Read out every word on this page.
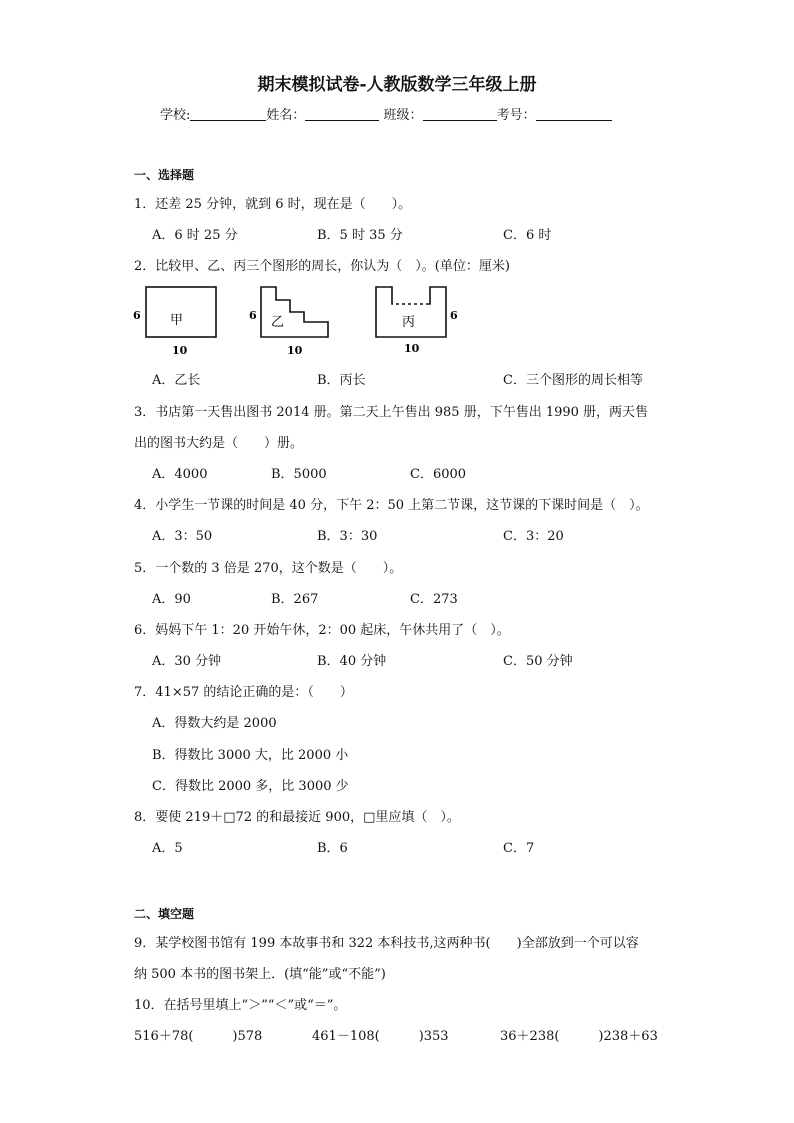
期末模拟试卷-人教版数学三年级上册
学校:	姓名：	班级：	考号：
一、选择题
1．还差 25 分钟，就到 6 时，现在是（　　）。
A．6 时 25 分	B．5 时 35 分	C．6 时
2．比较甲、乙、丙三个图形的周长，你认为（　）。(单位：厘米)
甲
6
10
乙
6
10
丙	6
10
A．乙长	B．丙长	C．三个图形的周长相等
3．书店第一天售出图书 2014 册。第二天上午售出 985 册，下午售出 1990 册，两天售
出的图书大约是（　　）册。
A．4000	B．5000	C．6000
4．小学生一节课的时间是 40 分，下午 2：50 上第二节课，这节课的下课时间是（　）。
A．3：50	B．3：30	C．3：20
5．一个数的 3 倍是 270，这个数是（　　）。
A．90	B．267	C．273
6．妈妈下午 1：20 开始午休，2：00 起床，午休共用了（　）。
A．30 分钟	B．40 分钟	C．50 分钟
7．41×57 的结论正确的是：（　　）
A．得数大约是 2000
B．得数比 3000 大，比 2000 小
C．得数比 2000 多，比 3000 少
8．要使 219＋□72 的和最接近 900，□里应填（　）。
A．5	B．6	C．7
二、填空题
9．某学校图书馆有 199 本故事书和 322 本科技书,这两种书(　　)全部放到一个可以容
纳 500 本书的图书架上．(填“能”或“不能”)
10．在括号里填上“＞”“＜”或“＝”。
516＋78(　　　)578	461－108(　　　)353	36＋238(　　　)238＋63
